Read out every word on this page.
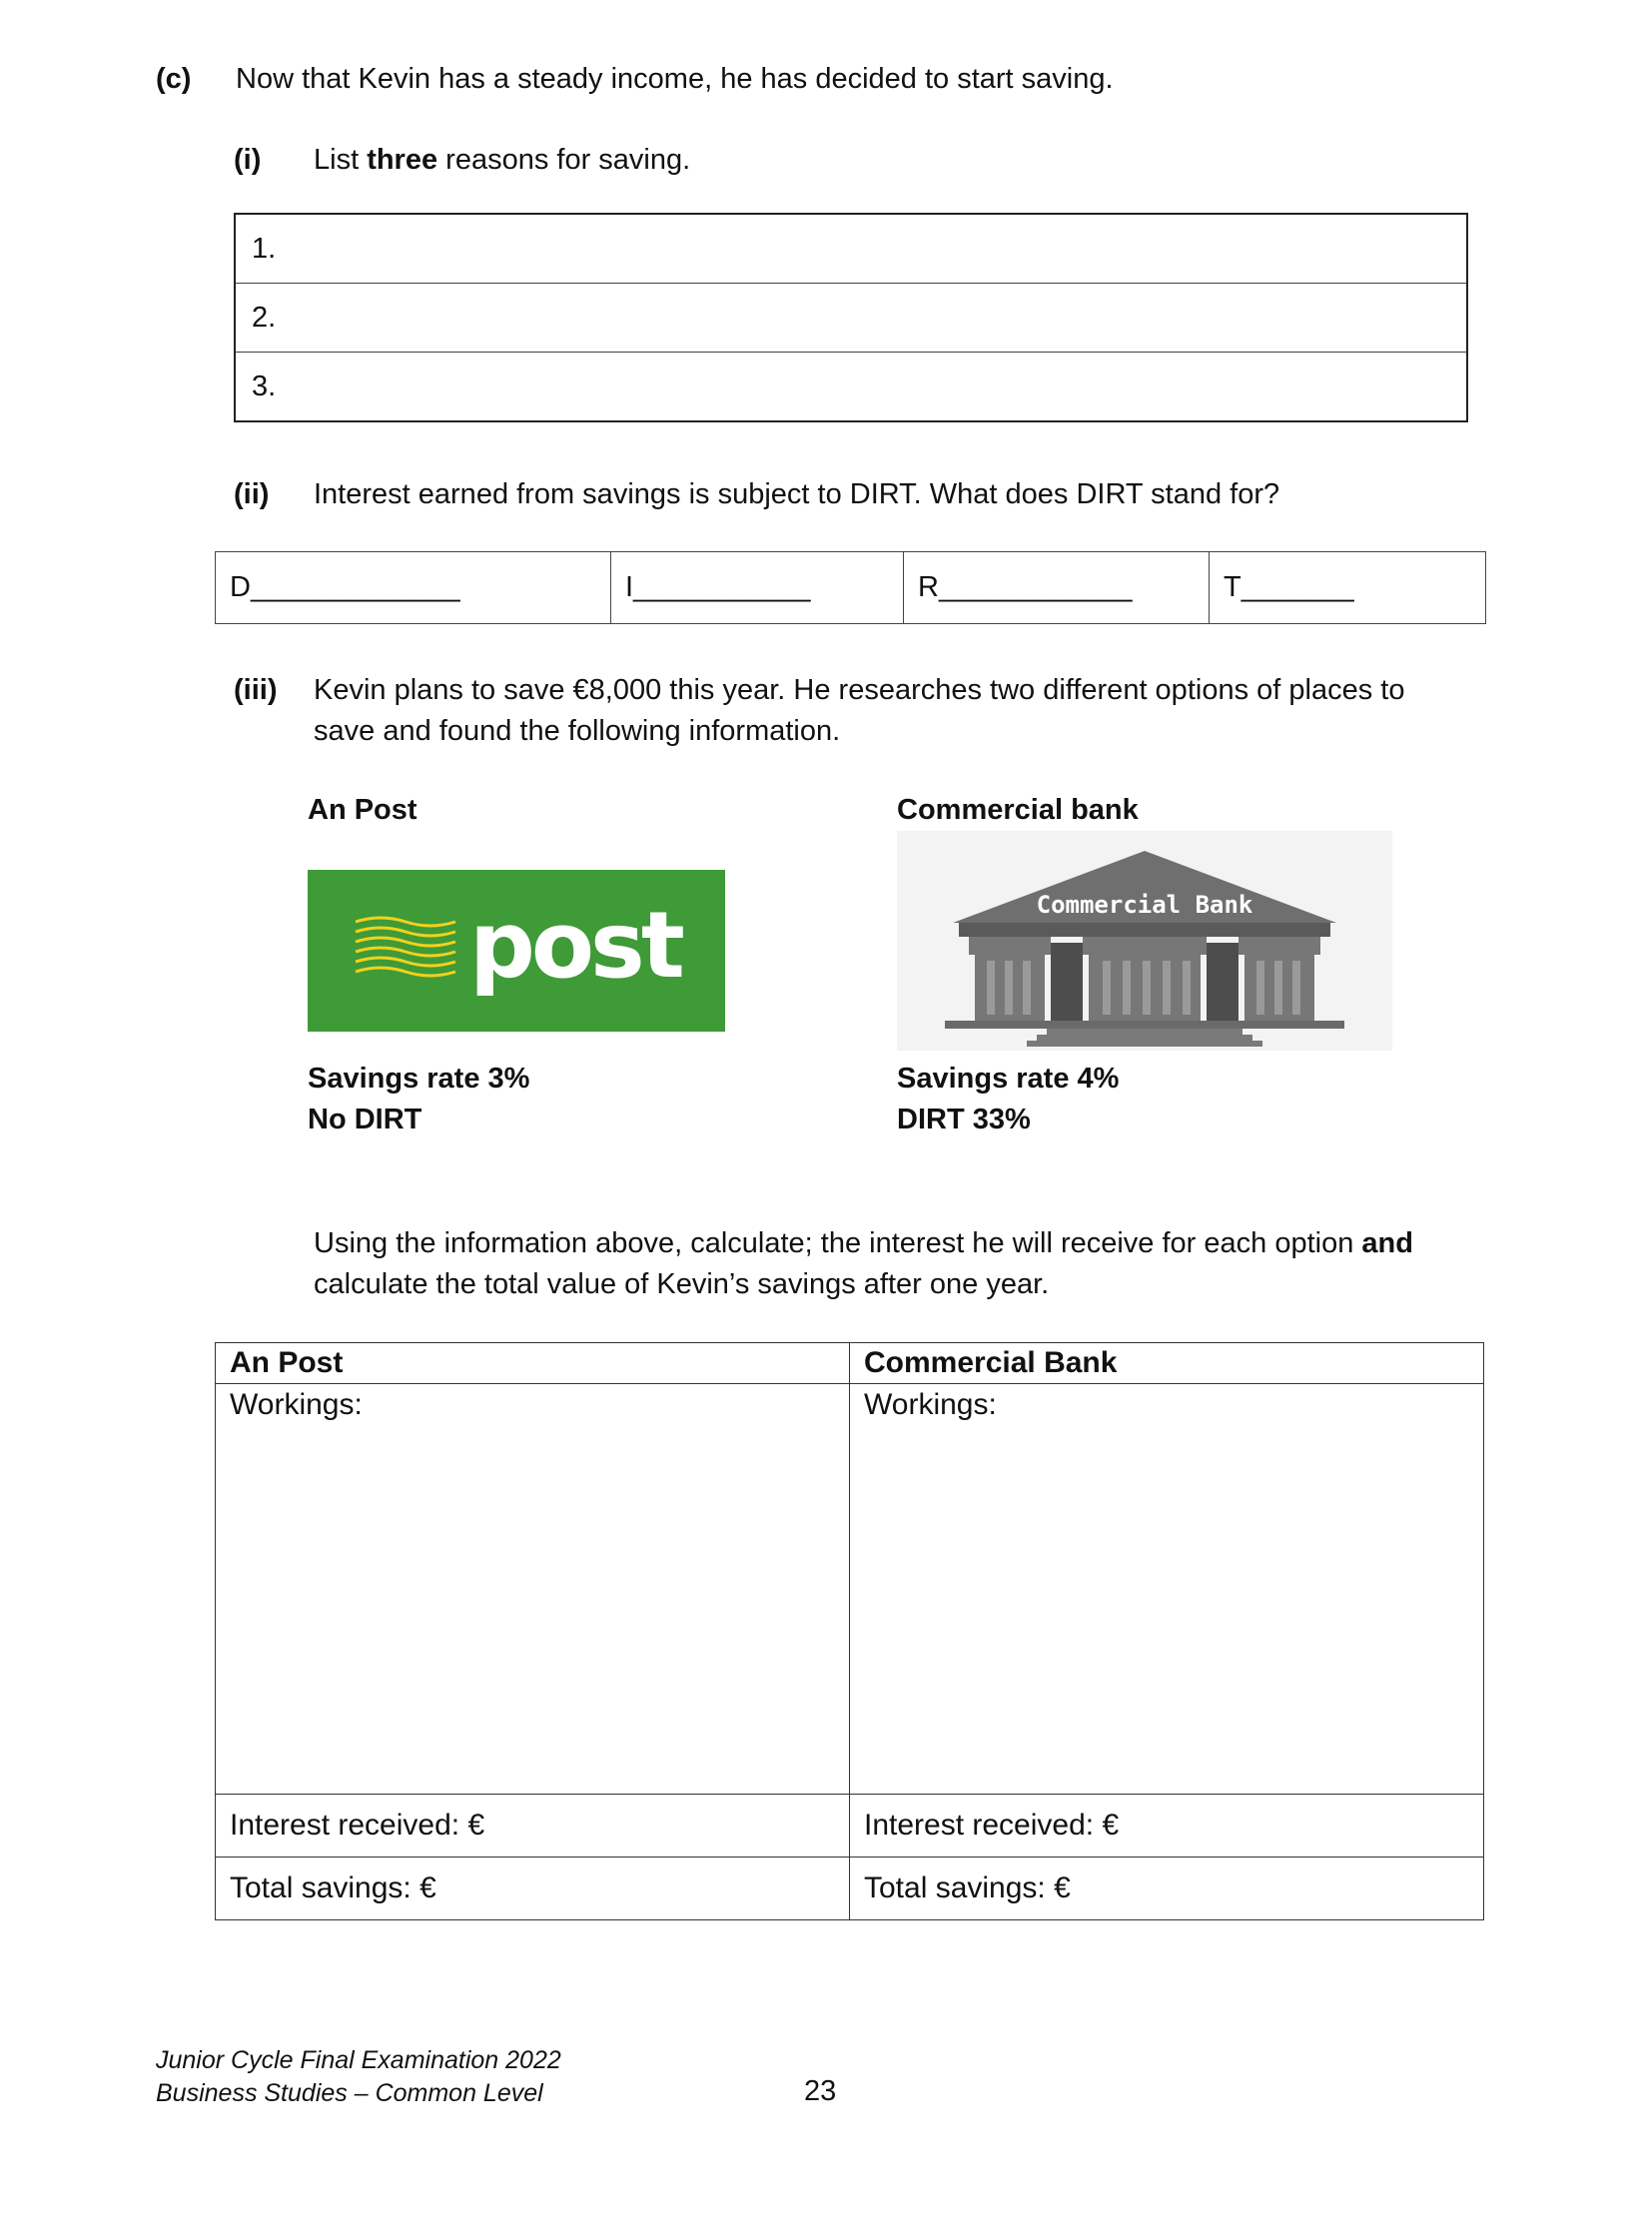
(c) Now that Kevin has a steady income, he has decided to start saving.
(i) List three reasons for saving.
1.
2.
3.
(ii) Interest earned from savings is subject to DIRT. What does DIRT stand for?
D_____________	I___________	R____________	T_______
(iii) Kevin plans to save €8,000 this year. He researches two different options of places to
save and found the following information.
An Post	Commercial bank
post	Commercial Bank
Savings rate 3%
No DIRT
Savings rate 4%
DIRT 33%
Using the information above, calculate; the interest he will receive for each option and
calculate the total value of Kevin’s savings after one year.
An Post	Commercial Bank
Workings:	Workings:
Interest received: €	Interest received: €
Total savings: €	Total savings: €
Junior Cycle Final Examination 2022
Business Studies – Common Level	23
